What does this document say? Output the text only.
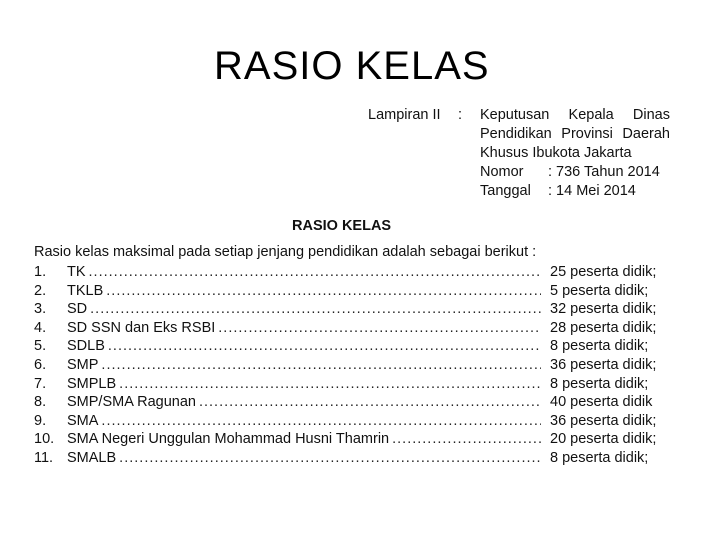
RASIO KELAS
Lampiran II : Keputusan Kepala Dinas
Pendidikan Provinsi Daerah
Khusus Ibukota Jakarta
Nomor : 736 Tahun 2014
Tanggal : 14 Mei 2014
RASIO KELAS
Rasio kelas maksimal pada setiap jenjang pendidikan adalah sebagai berikut :
1. TK .....	25 peserta didik;
2. TKLB .....	5 peserta didik;
3. SD .....	32 peserta didik;
4. SD SSN dan Eks RSBI .....	28 peserta didik;
5. SDLB .....	8 peserta didik;
6. SMP .....	36 peserta didik;
7. SMPLB .....	8 peserta didik;
8. SMP/SMA Ragunan .....	40 peserta didik
9. SMA .....	36 peserta didik;
10. SMA Negeri Unggulan Mohammad Husni Thamrin .....	20 peserta didik;
11. SMALB .....	8 peserta didik;
